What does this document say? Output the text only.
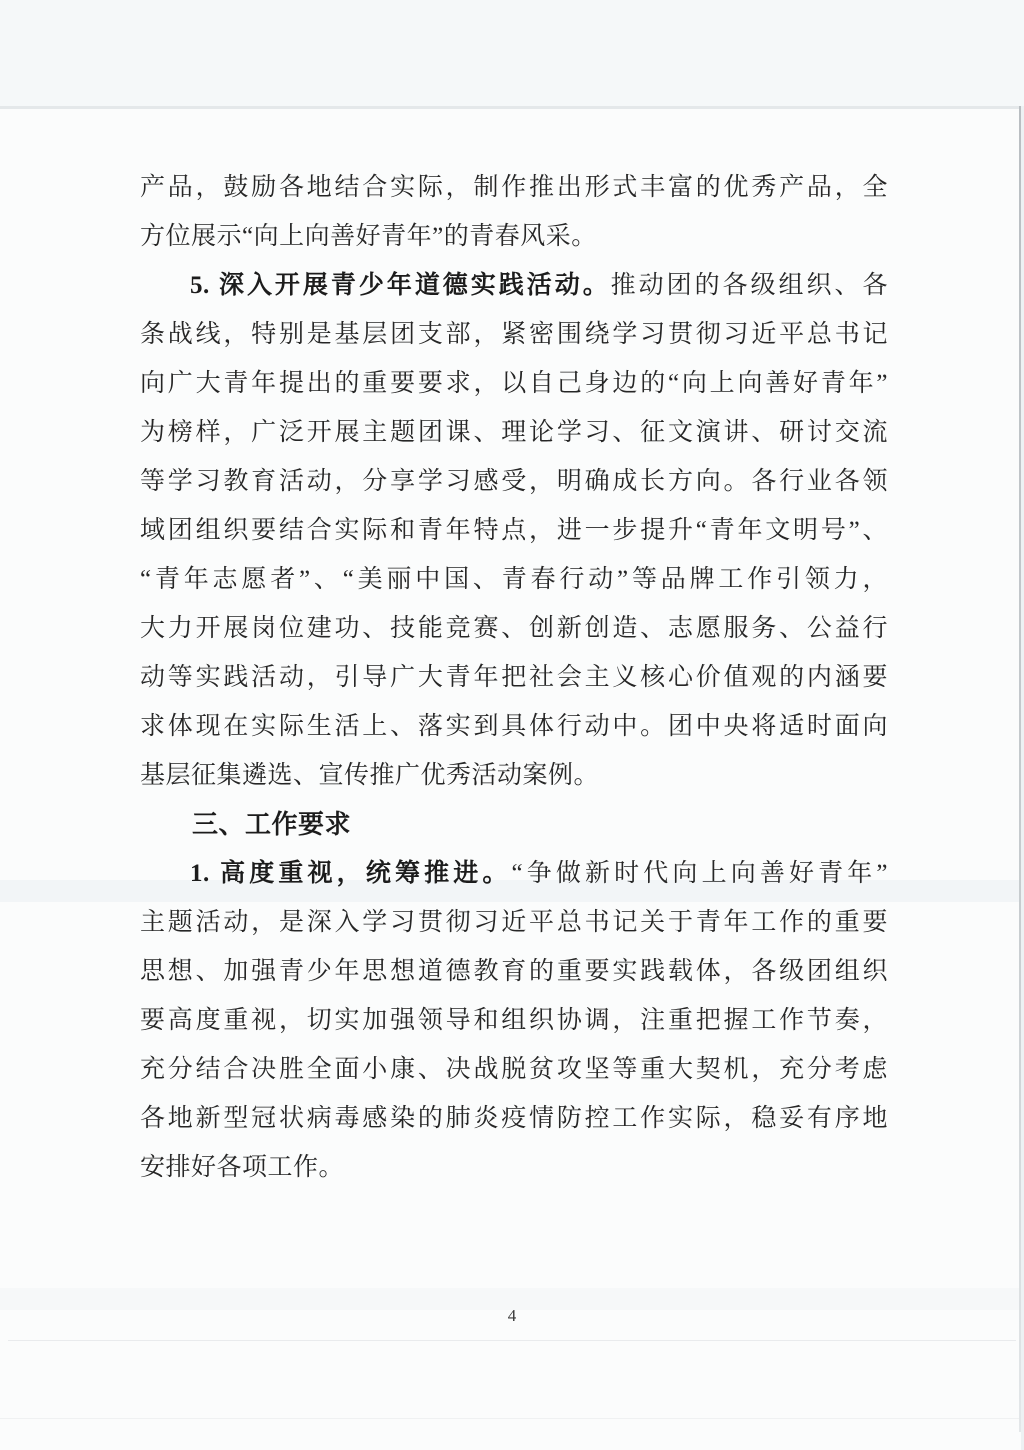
产品，鼓励各地结合实际，制作推出形式丰富的优秀产品，全
方位展示“向上向善好青年”的青春风采。
5. 深入开展青少年道德实践活动。推动团的各级组织、各
条战线，特别是基层团支部，紧密围绕学习贯彻习近平总书记
向广大青年提出的重要要求，以自己身边的“向上向善好青年”
为榜样，广泛开展主题团课、理论学习、征文演讲、研讨交流
等学习教育活动，分享学习感受，明确成长方向。各行业各领
域团组织要结合实际和青年特点，进一步提升“青年文明号”、
“青年志愿者”、“美丽中国、青春行动”等品牌工作引领力，
大力开展岗位建功、技能竞赛、创新创造、志愿服务、公益行
动等实践活动，引导广大青年把社会主义核心价值观的内涵要
求体现在实际生活上、落实到具体行动中。团中央将适时面向
基层征集遴选、宣传推广优秀活动案例。
三、工作要求
1. 高度重视，统筹推进。“争做新时代向上向善好青年”
主题活动，是深入学习贯彻习近平总书记关于青年工作的重要
思想、加强青少年思想道德教育的重要实践载体，各级团组织
要高度重视，切实加强领导和组织协调，注重把握工作节奏，
充分结合决胜全面小康、决战脱贫攻坚等重大契机，充分考虑
各地新型冠状病毒感染的肺炎疫情防控工作实际，稳妥有序地
安排好各项工作。
4
